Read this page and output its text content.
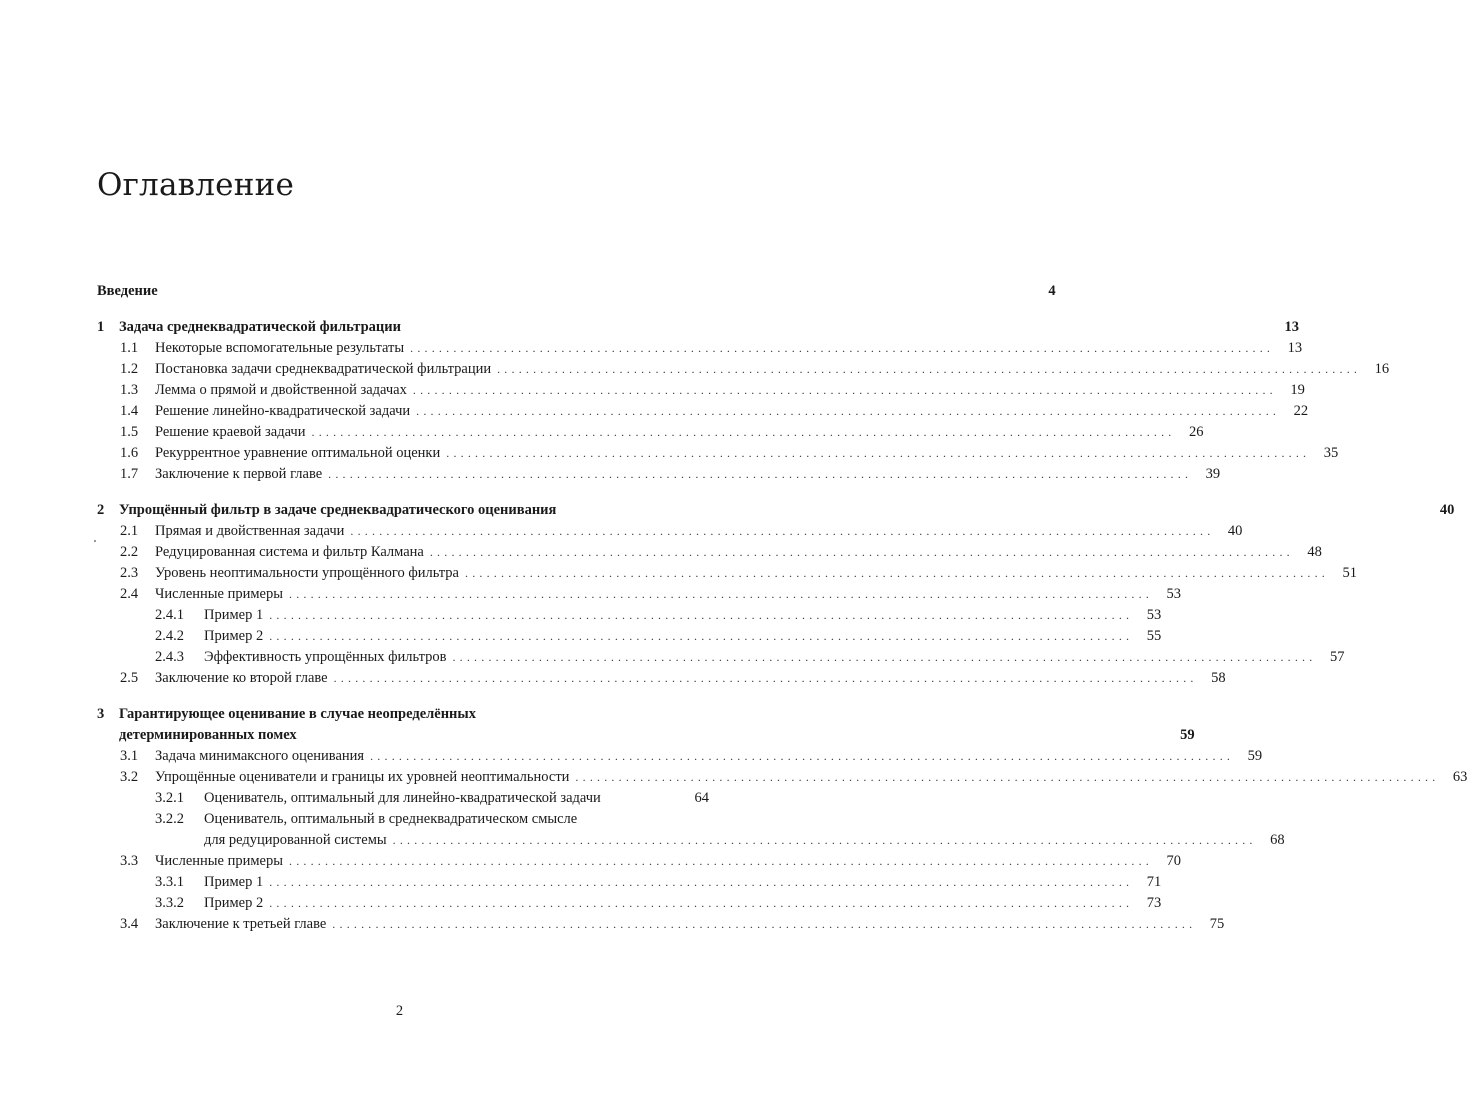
Оглавление
Введение	4
1	Задача среднеквадратической фильтрации	13
1.1	Некоторые вспомогательные результаты ........................................................................................................................ 13
1.2	Постановка задачи среднеквадратической фильтрации ........................................................................................................................ 16
1.3	Лемма о прямой и двойственной задачах ........................................................................................................................ 19
1.4	Решение линейно-квадратической задачи ........................................................................................................................ 22
1.5	Решение краевой задачи ........................................................................................................................ 26
1.6	Рекуррентное уравнение оптимальной оценки ........................................................................................................................ 35
1.7	Заключение к первой главе ........................................................................................................................ 39
2	Упрощённый фильтр в задаче среднеквадратического оценивания	40
2.1	Прямая и двойственная задачи ........................................................................................................................ 40
2.2	Редуцированная система и фильтр Калмана ........................................................................................................................ 48
2.3	Уровень неоптимальности упрощённого фильтра ........................................................................................................................ 51
2.4	Численные примеры ........................................................................................................................ 53
2.4.1	Пример 1 ........................................................................................................................ 53
2.4.2	Пример 2 ........................................................................................................................ 55
2.4.3	Эффективность упрощённых фильтров ........................................................................................................................ 57
2.5	Заключение ко второй главе ........................................................................................................................ 58
3	Гарантирующее оценивание в случае неопределённых
детерминированных помех	59
3.1	Задача минимаксного оценивания ........................................................................................................................ 59
3.2	Упрощённые оцениватели и границы их уровней неоптимальности ........................................................................................................................ 63
3.2.1	Оцениватель, оптимальный для линейно-квадратической задачи	64
3.2.2	Оцениватель, оптимальный в среднеквадратическом смысле
для редуцированной системы ........................................................................................................................ 68
3.3	Численные примеры ........................................................................................................................ 70
3.3.1	Пример 1 ........................................................................................................................ 71
3.3.2	Пример 2 ........................................................................................................................ 73
3.4	Заключение к третьей главе ........................................................................................................................ 75
2
